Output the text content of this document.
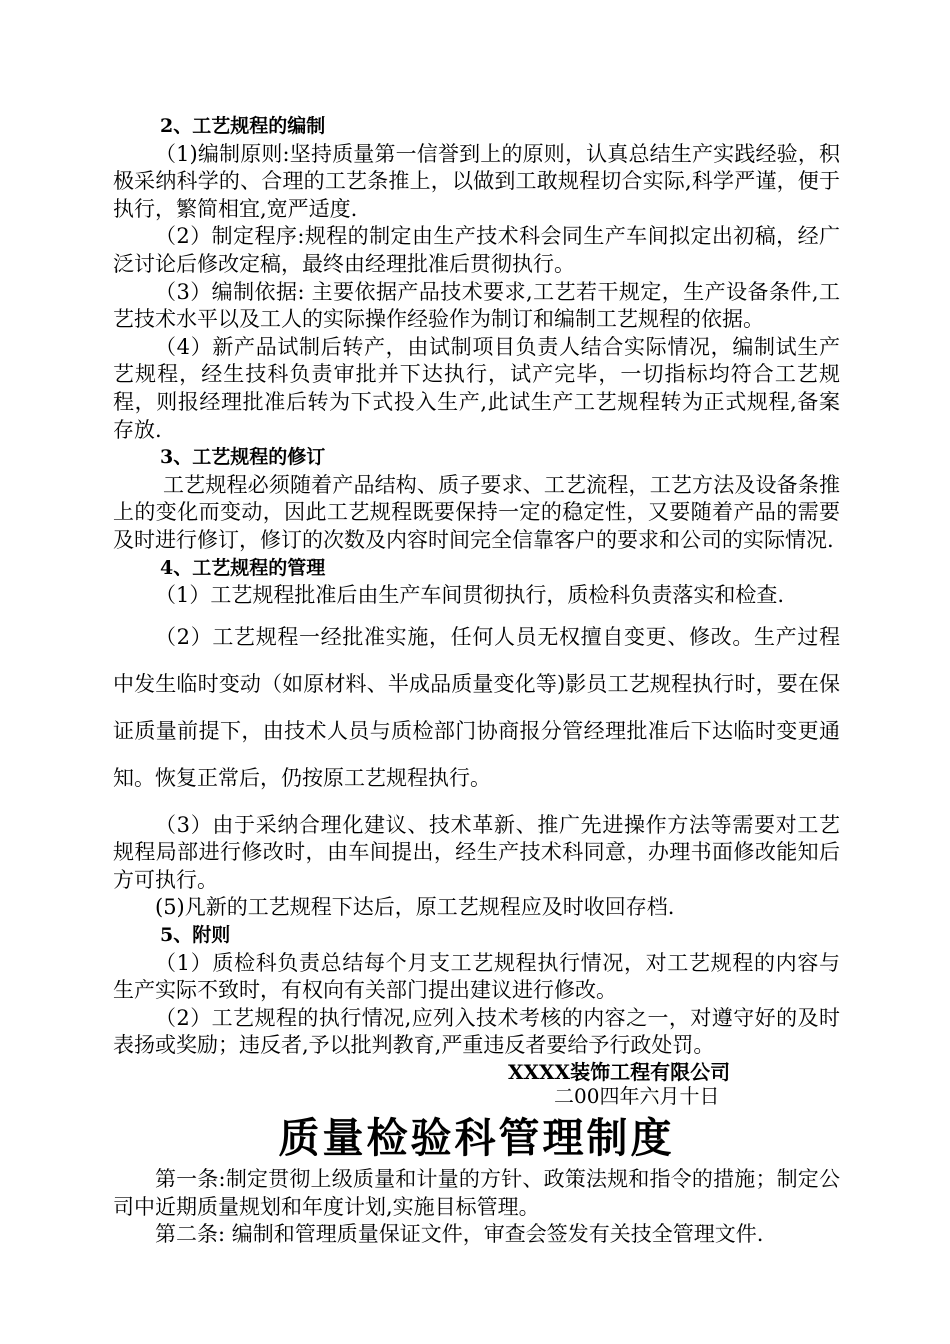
2、工艺规程的编制

（1)编制原则:坚持质量第一信誉到上的原则，认真总结生产实践经验，积极采纳科学的、合理的工艺条推上，以做到工敢规程切合实际,科学严谨，便于执行，繁简相宜,宽严适度.

（2）制定程序:规程的制定由生产技术科会同生产车间拟定出初稿，经广泛讨论后修改定稿，最终由经理批准后贯彻执行。

（3）编制依据: 主要依据产品技术要求,工艺若干规定，生产设备条件,工艺技术水平以及工人的实际操作经验作为制订和编制工艺规程的依据。

（4）新产品试制后转产，由试制项目负责人结合实际情况，编制试生产艺规程，经生技科负责审批并下达执行，试产完毕，一切指标均符合工艺规程，则报经理批准后转为下式投入生产,此试生产工艺规程转为正式规程,备案存放.

3、工艺规程的修订

工艺规程必须随着产品结构、质子要求、工艺流程，工艺方法及设备条推上的变化而变动，因此工艺规程既要保持一定的稳定性，又要随着产品的需要及时进行修订，修订的次数及内容时间完全信靠客户的要求和公司的实际情况.

4、工艺规程的管理

（1）工艺规程批准后由生产车间贯彻执行，质检科负责落实和检查.

（2）工艺规程一经批准实施，任何人员无权擅自变更、修改。生产过程中发生临时变动（如原材料、半成品质量变化等)影员工艺规程执行时，要在保证质量前提下，由技术人员与质检部门协商报分管经理批准后下达临时变更通知。恢复正常后，仍按原工艺规程执行。

（3）由于采纳合理化建议、技术革新、推广先进操作方法等需要对工艺规程局部进行修改时，由车间提出，经生产技术科同意，办理书面修改能知后方可执行。

(5)凡新的工艺规程下达后，原工艺规程应及时收回存档.

5、附则

（1）质检科负责总结每个月支工艺规程执行情况，对工艺规程的内容与生产实际不致时，有权向有关部门提出建议进行修改。

（2）工艺规程的执行情况,应列入技术考核的内容之一，对遵守好的及时表扬或奖励；违反者,予以批判教育,严重违反者要给予行政处罚。

XXXX装饰工程有限公司

二00四年六月十日

质量检验科管理制度

第一条:制定贯彻上级质量和计量的方针、政策法规和指令的措施；制定公司中近期质量规划和年度计划,实施目标管理。

第二条: 编制和管理质量保证文件，审查会签发有关技全管理文件.
